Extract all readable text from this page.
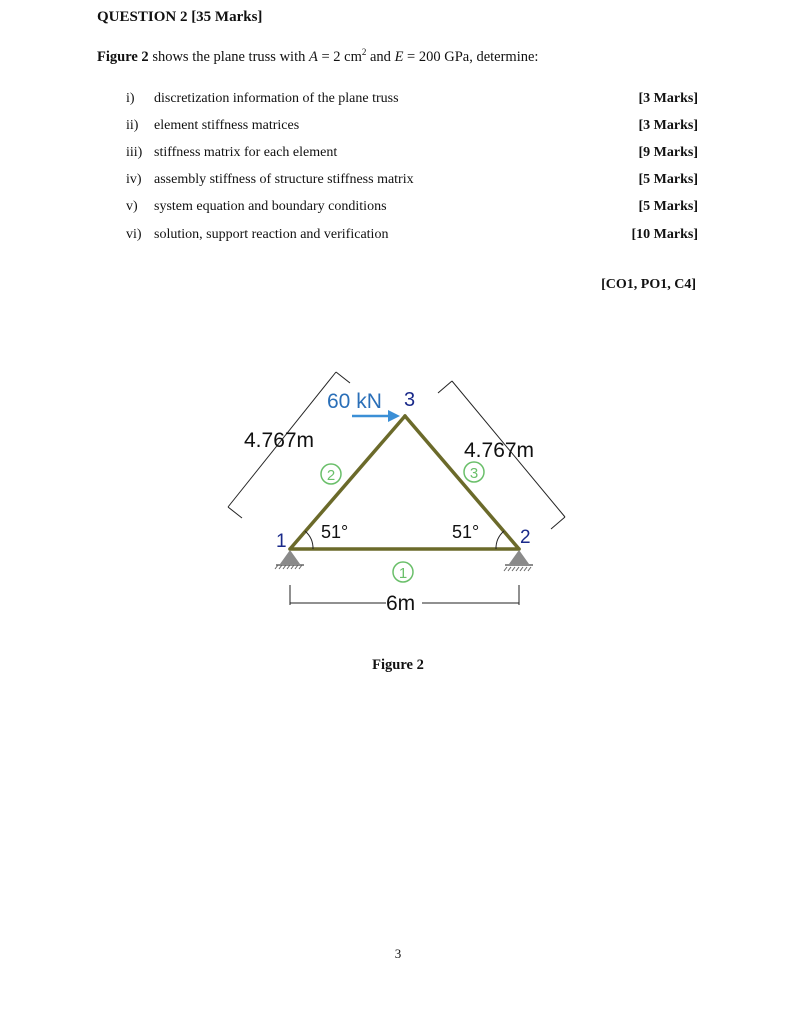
QUESTION 2 [35 Marks]
Figure 2 shows the plane truss with A = 2 $cm^2$ and E = 200 GPa, determine:
i)	discretization information of the plane truss	[3 Marks]
ii)	element stiffness matrices	[3 Marks]
iii) stiffness matrix for each element	[9 Marks]
iv) assembly stiffness of structure stiffness matrix	[5 Marks]
v)	system equation and boundary conditions	[5 Marks]
vi) solution, support reaction and verification	[10 Marks]
[CO1, PO1, C4]
60 kN 3
1	2
4.767m	4.767m
6m
51°	51°
2	3
1
Figure 2
3
